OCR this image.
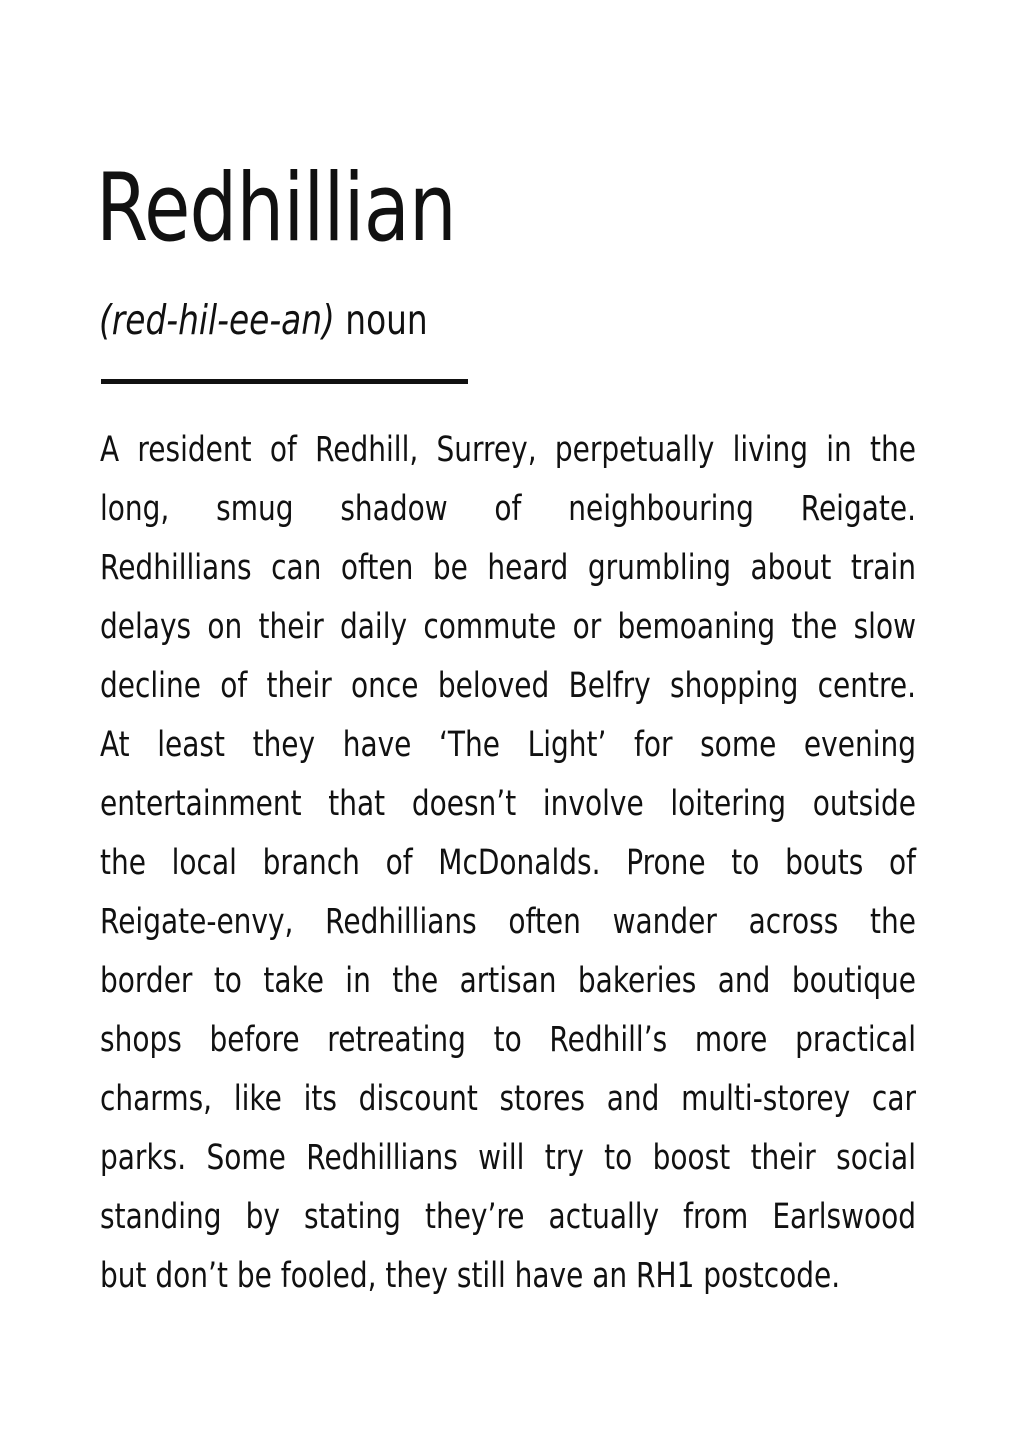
Redhillian

(red-hil-ee-an) noun

A resident of Redhill, Surrey, perpetually living in the
long, smug shadow of neighbouring Reigate.
Redhillians can often be heard grumbling about train
delays on their daily commute or bemoaning the slow
decline of their once beloved Belfry shopping centre.
At least they have ‘The Light’ for some evening
entertainment that doesn’t involve loitering outside
the local branch of McDonalds. Prone to bouts of
Reigate-envy, Redhillians often wander across the
border to take in the artisan bakeries and boutique
shops before retreating to Redhill’s more practical
charms, like its discount stores and multi-storey car
parks. Some Redhillians will try to boost their social
standing by stating they’re actually from Earlswood
but don’t be fooled, they still have an RH1 postcode.
